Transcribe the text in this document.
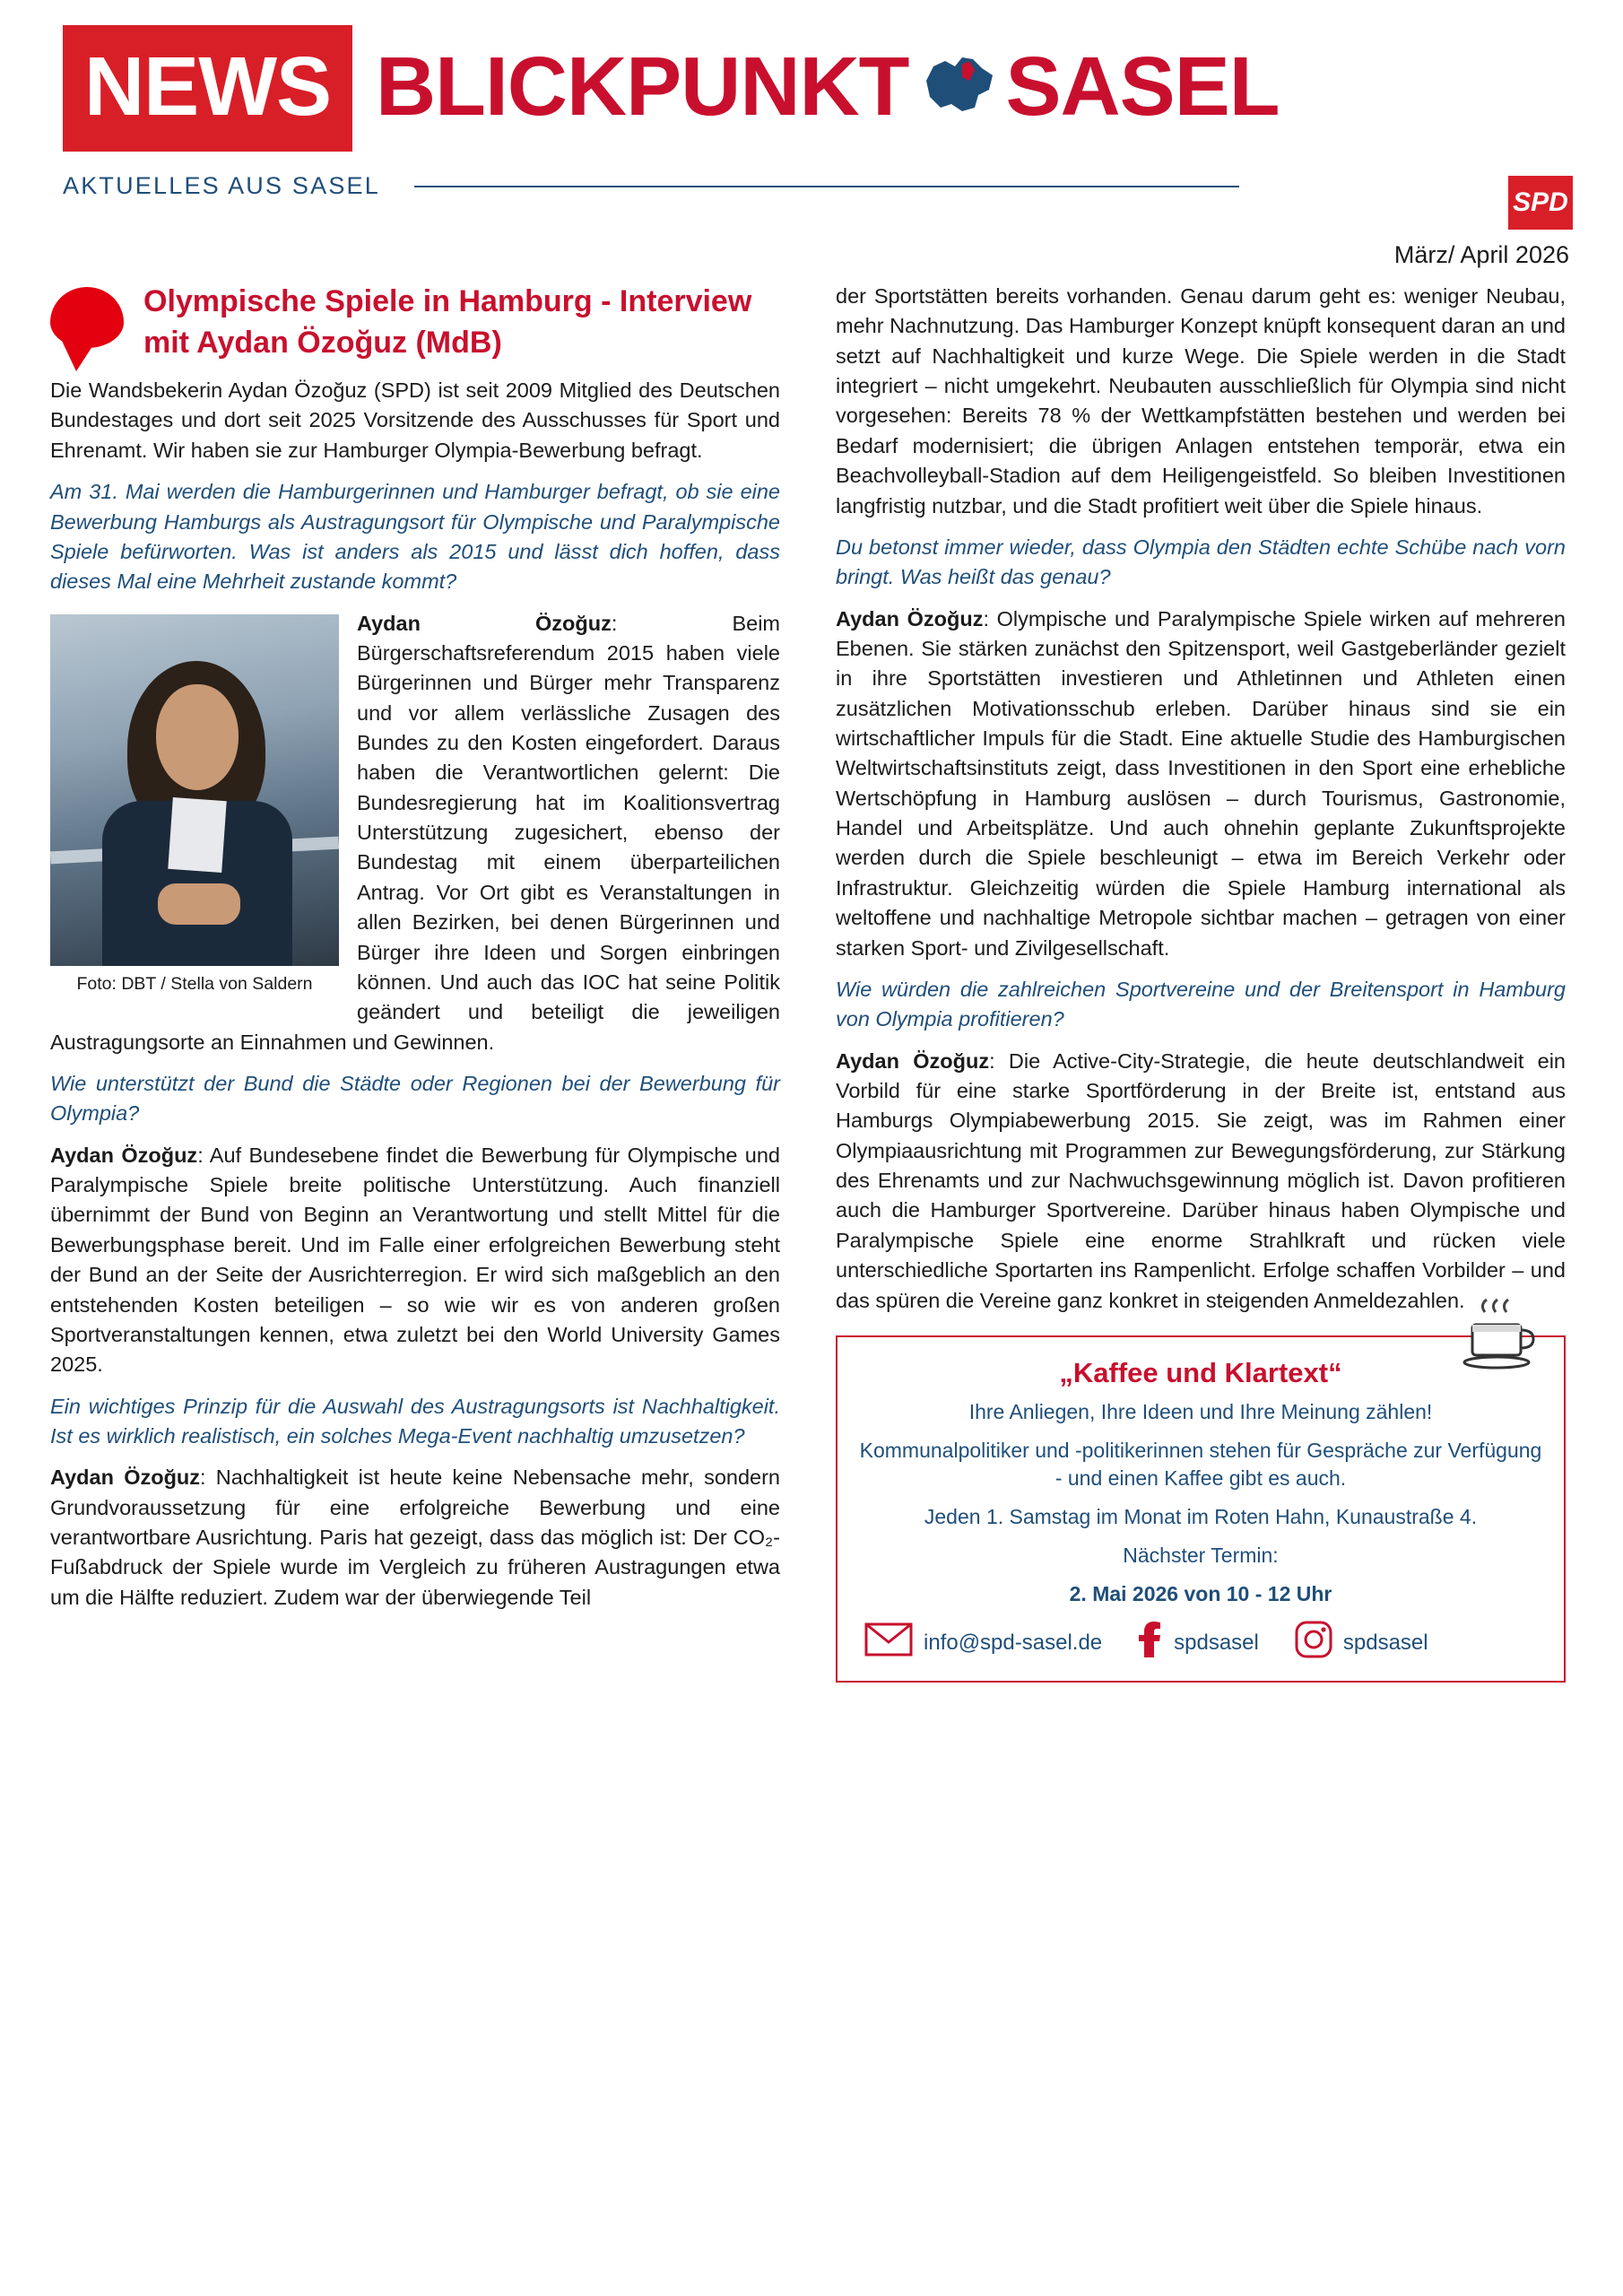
NEWS BLICKPUNKT SASEL
SPD
AKTUELLES AUS SASEL
März/ April 2026
Olympische Spiele in Hamburg - Interview mit Aydan Özoğuz (MdB)

Die Wandsbekerin Aydan Özoğuz (SPD) ist seit 2009 Mitglied des Deutschen Bundestages und dort seit 2025 Vorsitzende des Ausschusses für Sport und Ehrenamt. Wir haben sie zur Hamburger Olympia-Bewerbung befragt.

Am 31. Mai werden die Hamburgerinnen und Hamburger befragt, ob sie eine Bewerbung Hamburgs als Austragungsort für Olympische und Paralympische Spiele befürworten. Was ist anders als 2015 und lässt dich hoffen, dass dieses Mal eine Mehrheit zustande kommt?

Foto: DBT / Stella von Saldern

Aydan Özoğuz: Beim Bürgerschaftsreferendum 2015 haben viele Bürgerinnen und Bürger mehr Transparenz und vor allem verlässliche Zusagen des Bundes zu den Kosten eingefordert. Daraus haben die Verantwortlichen gelernt: Die Bundesregierung hat im Koalitionsvertrag Unterstützung zugesichert, ebenso der Bundestag mit einem überparteilichen Antrag. Vor Ort gibt es Veranstaltungen in allen Bezirken, bei denen Bürgerinnen und Bürger ihre Ideen und Sorgen einbringen können. Und auch das IOC hat seine Politik geändert und beteiligt die jeweiligen Austragungsorte an Einnahmen und Gewinnen.

Wie unterstützt der Bund die Städte oder Regionen bei der Bewerbung für Olympia?

Aydan Özoğuz: Auf Bundesebene findet die Bewerbung für Olympische und Paralympische Spiele breite politische Unterstützung. Auch finanziell übernimmt der Bund von Beginn an Verantwortung und stellt Mittel für die Bewerbungsphase bereit. Und im Falle einer erfolgreichen Bewerbung steht der Bund an der Seite der Ausrichterregion. Er wird sich maßgeblich an den entstehenden Kosten beteiligen – so wie wir es von anderen großen Sportveranstaltungen kennen, etwa zuletzt bei den World University Games 2025.

Ein wichtiges Prinzip für die Auswahl des Austragungsorts ist Nachhaltigkeit. Ist es wirklich realistisch, ein solches Mega-Event nachhaltig umzusetzen?

Aydan Özoğuz: Nachhaltigkeit ist heute keine Nebensache mehr, sondern Grundvoraussetzung für eine erfolgreiche Bewerbung und eine verantwortbare Ausrichtung. Paris hat gezeigt, dass das möglich ist: Der CO₂-Fußabdruck der Spiele wurde im Vergleich zu früheren Austragungen etwa um die Hälfte reduziert. Zudem war der überwiegende Teil

der Sportstätten bereits vorhanden. Genau darum geht es: weniger Neubau, mehr Nachnutzung. Das Hamburger Konzept knüpft konsequent daran an und setzt auf Nachhaltigkeit und kurze Wege. Die Spiele werden in die Stadt integriert – nicht umgekehrt. Neubauten ausschließlich für Olympia sind nicht vorgesehen: Bereits 78 % der Wettkampfstätten bestehen und werden bei Bedarf modernisiert; die übrigen Anlagen entstehen temporär, etwa ein Beachvolleyball-Stadion auf dem Heiligengeistfeld. So bleiben Investitionen langfristig nutzbar, und die Stadt profitiert weit über die Spiele hinaus.

Du betonst immer wieder, dass Olympia den Städten echte Schübe nach vorn bringt. Was heißt das genau?

Aydan Özoğuz: Olympische und Paralympische Spiele wirken auf mehreren Ebenen. Sie stärken zunächst den Spitzensport, weil Gastgeberländer gezielt in ihre Sportstätten investieren und Athletinnen und Athleten einen zusätzlichen Motivationsschub erleben. Darüber hinaus sind sie ein wirtschaftlicher Impuls für die Stadt. Eine aktuelle Studie des Hamburgischen Weltwirtschaftsinstituts zeigt, dass Investitionen in den Sport eine erhebliche Wertschöpfung in Hamburg auslösen – durch Tourismus, Gastronomie, Handel und Arbeitsplätze. Und auch ohnehin geplante Zukunftsprojekte werden durch die Spiele beschleunigt – etwa im Bereich Verkehr oder Infrastruktur. Gleichzeitig würden die Spiele Hamburg international als weltoffene und nachhaltige Metropole sichtbar machen – getragen von einer starken Sport- und Zivilgesellschaft.

Wie würden die zahlreichen Sportvereine und der Breitensport in Hamburg von Olympia profitieren?

Aydan Özoğuz: Die Active-City-Strategie, die heute deutschlandweit ein Vorbild für eine starke Sportförderung in der Breite ist, entstand aus Hamburgs Olympiabewerbung 2015. Sie zeigt, was im Rahmen einer Olympiaausrichtung mit Programmen zur Bewegungsförderung, zur Stärkung des Ehrenamts und zur Nachwuchsgewinnung möglich ist. Davon profitieren auch die Hamburger Sportvereine. Darüber hinaus haben Olympische und Paralympische Spiele eine enorme Strahlkraft und rücken viele unterschiedliche Sportarten ins Rampenlicht. Erfolge schaffen Vorbilder – und das spüren die Vereine ganz konkret in steigenden Anmeldezahlen.

„Kaffee und Klartext“

Ihre Anliegen, Ihre Ideen und Ihre Meinung zählen!

Kommunalpolitiker und -politikerinnen stehen für Gespräche zur Verfügung - und einen Kaffee gibt es auch.

Jeden 1. Samstag im Monat im Roten Hahn, Kunaustraße 4.

Nächster Termin:

2. Mai 2026 von 10 - 12 Uhr

info@spd-sasel.de	spdsasel	spdsasel
